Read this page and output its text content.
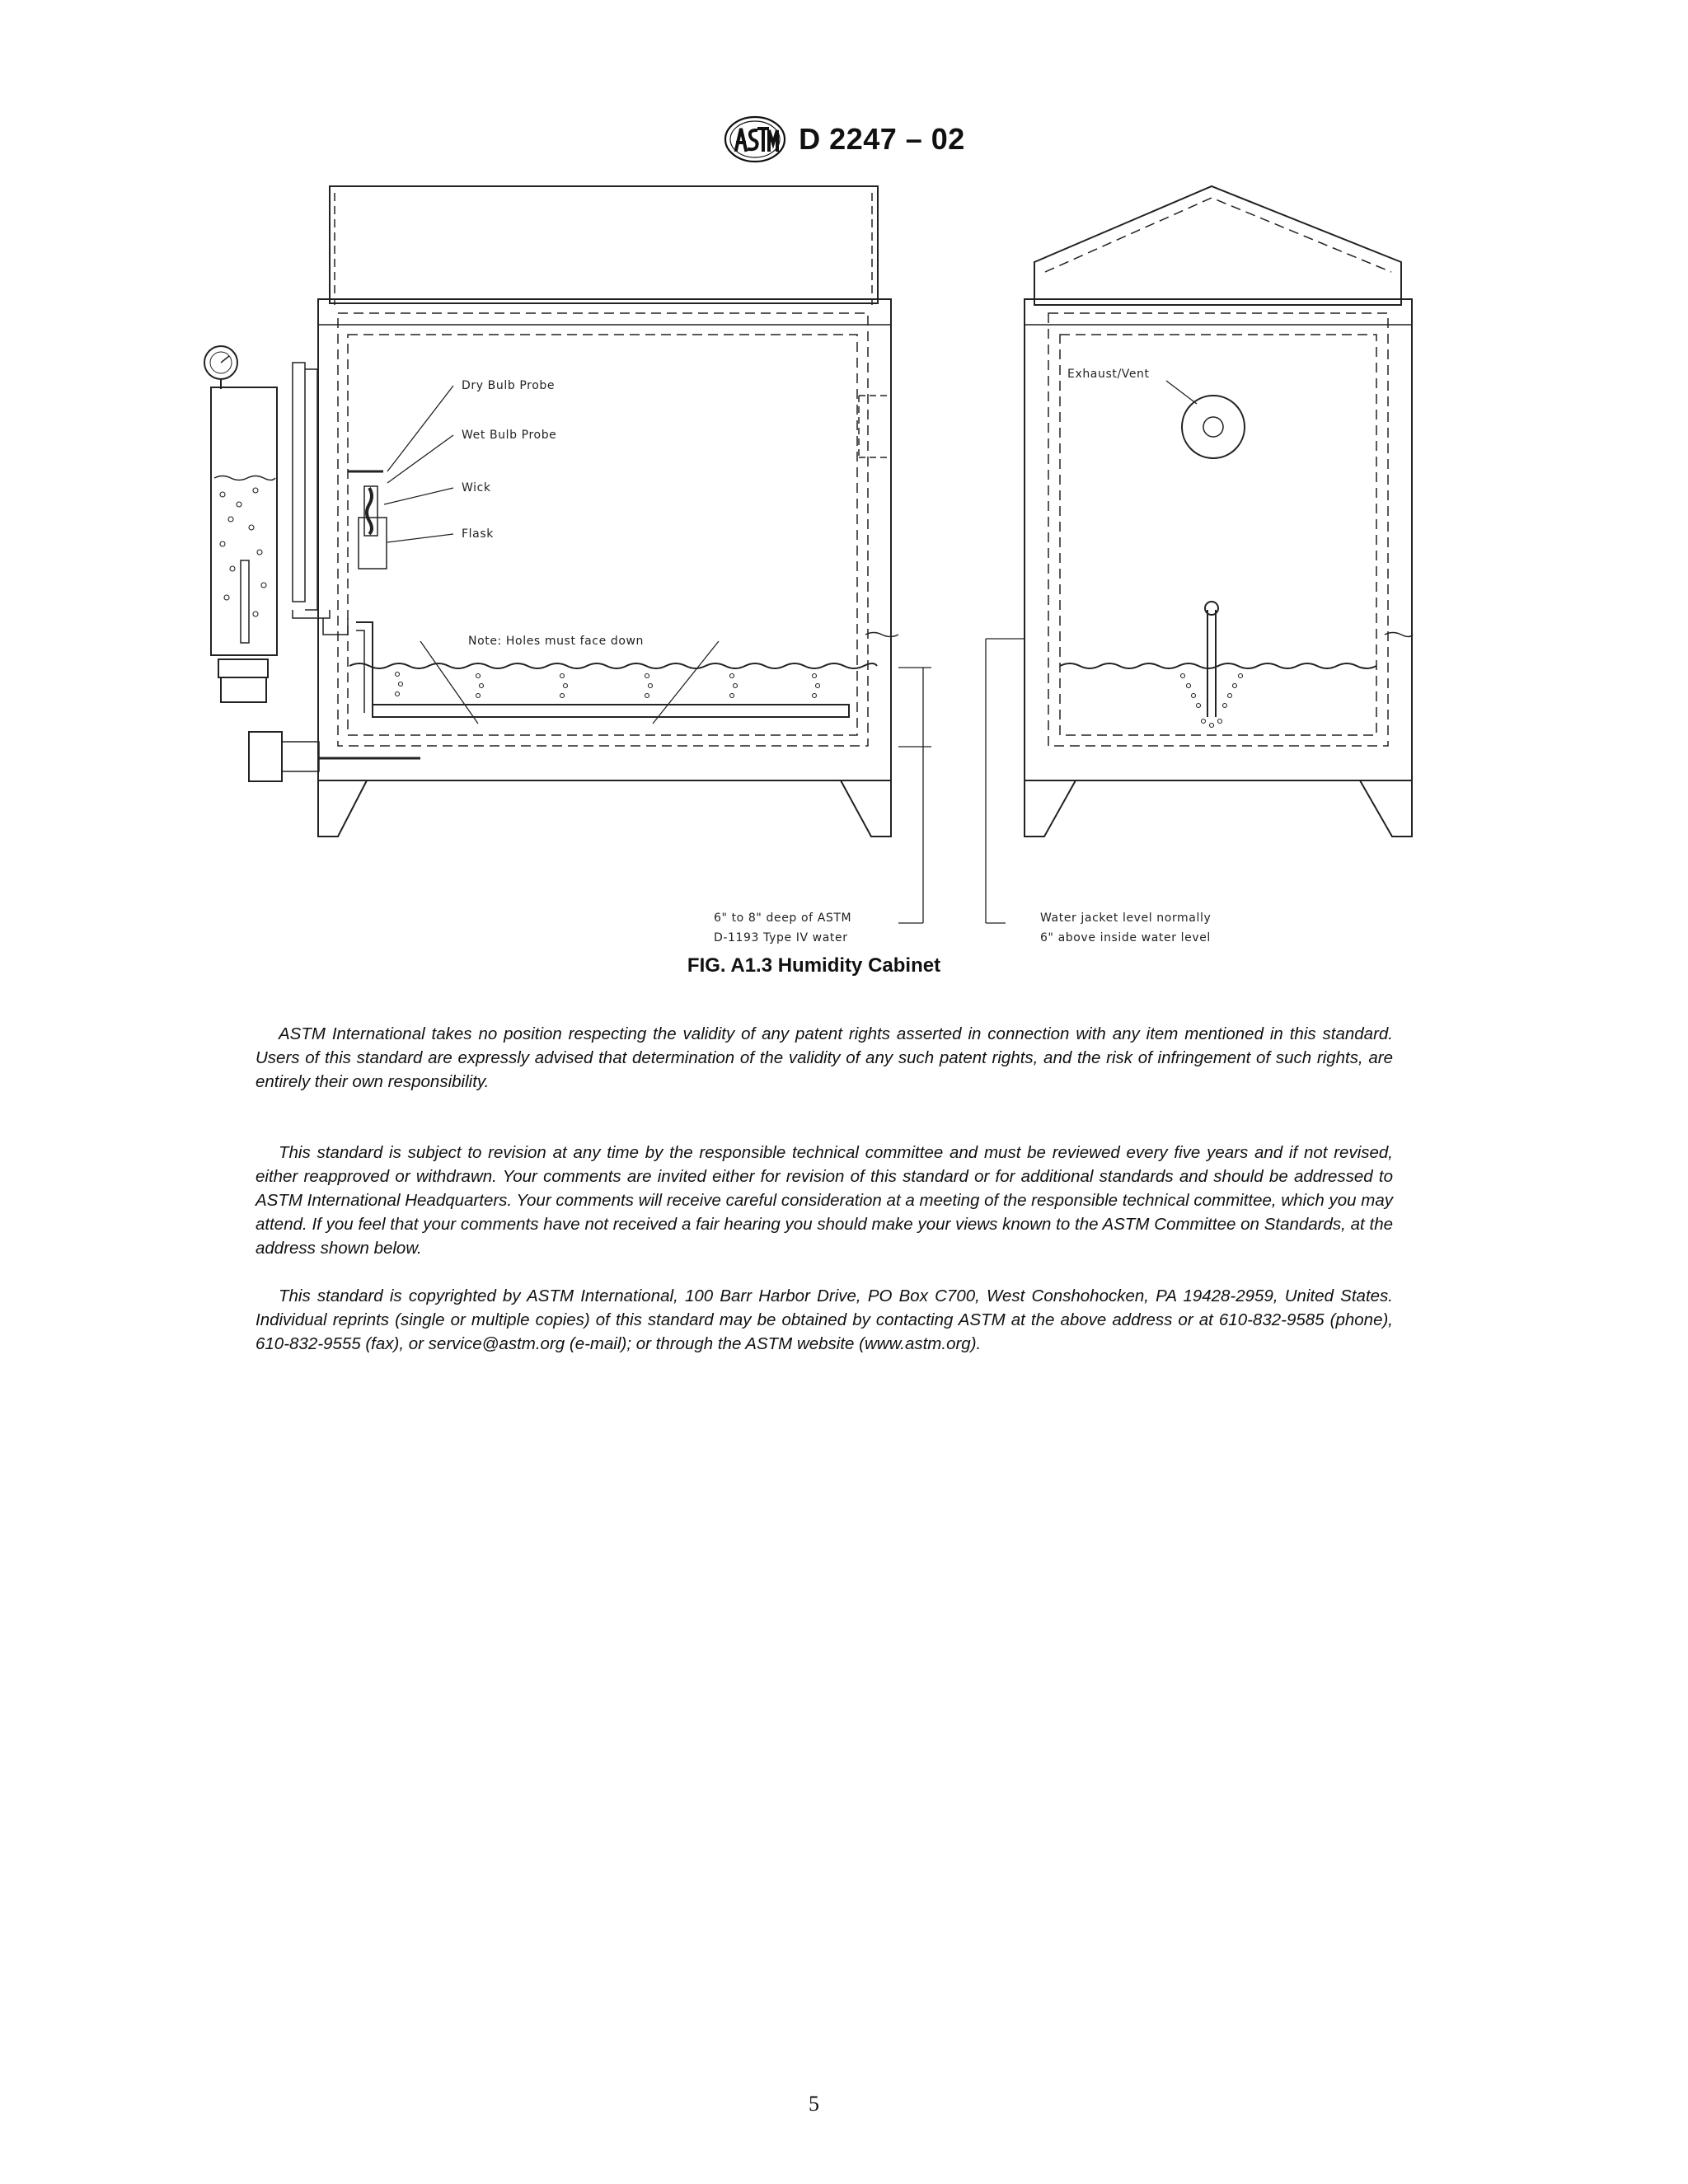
D 2247 – 02
Dry Bulb Probe
Wet Bulb Probe
Wick
Flask
Note: Holes must face down
Exhaust/Vent
6" to 8" deep of ASTM
D-1193 Type IV water
Water jacket level normally
6" above inside water level
FIG. A1.3 Humidity Cabinet

ASTM International takes no position respecting the validity of any patent rights asserted in connection with any item mentioned in this standard. Users of this standard are expressly advised that determination of the validity of any such patent rights, and the risk of infringement of such rights, are entirely their own responsibility.

This standard is subject to revision at any time by the responsible technical committee and must be reviewed every five years and if not revised, either reapproved or withdrawn. Your comments are invited either for revision of this standard or for additional standards and should be addressed to ASTM International Headquarters. Your comments will receive careful consideration at a meeting of the responsible technical committee, which you may attend. If you feel that your comments have not received a fair hearing you should make your views known to the ASTM Committee on Standards, at the address shown below.

This standard is copyrighted by ASTM International, 100 Barr Harbor Drive, PO Box C700, West Conshohocken, PA 19428-2959, United States. Individual reprints (single or multiple copies) of this standard may be obtained by contacting ASTM at the above address or at 610-832-9585 (phone), 610-832-9555 (fax), or service@astm.org (e-mail); or through the ASTM website (www.astm.org).

5
